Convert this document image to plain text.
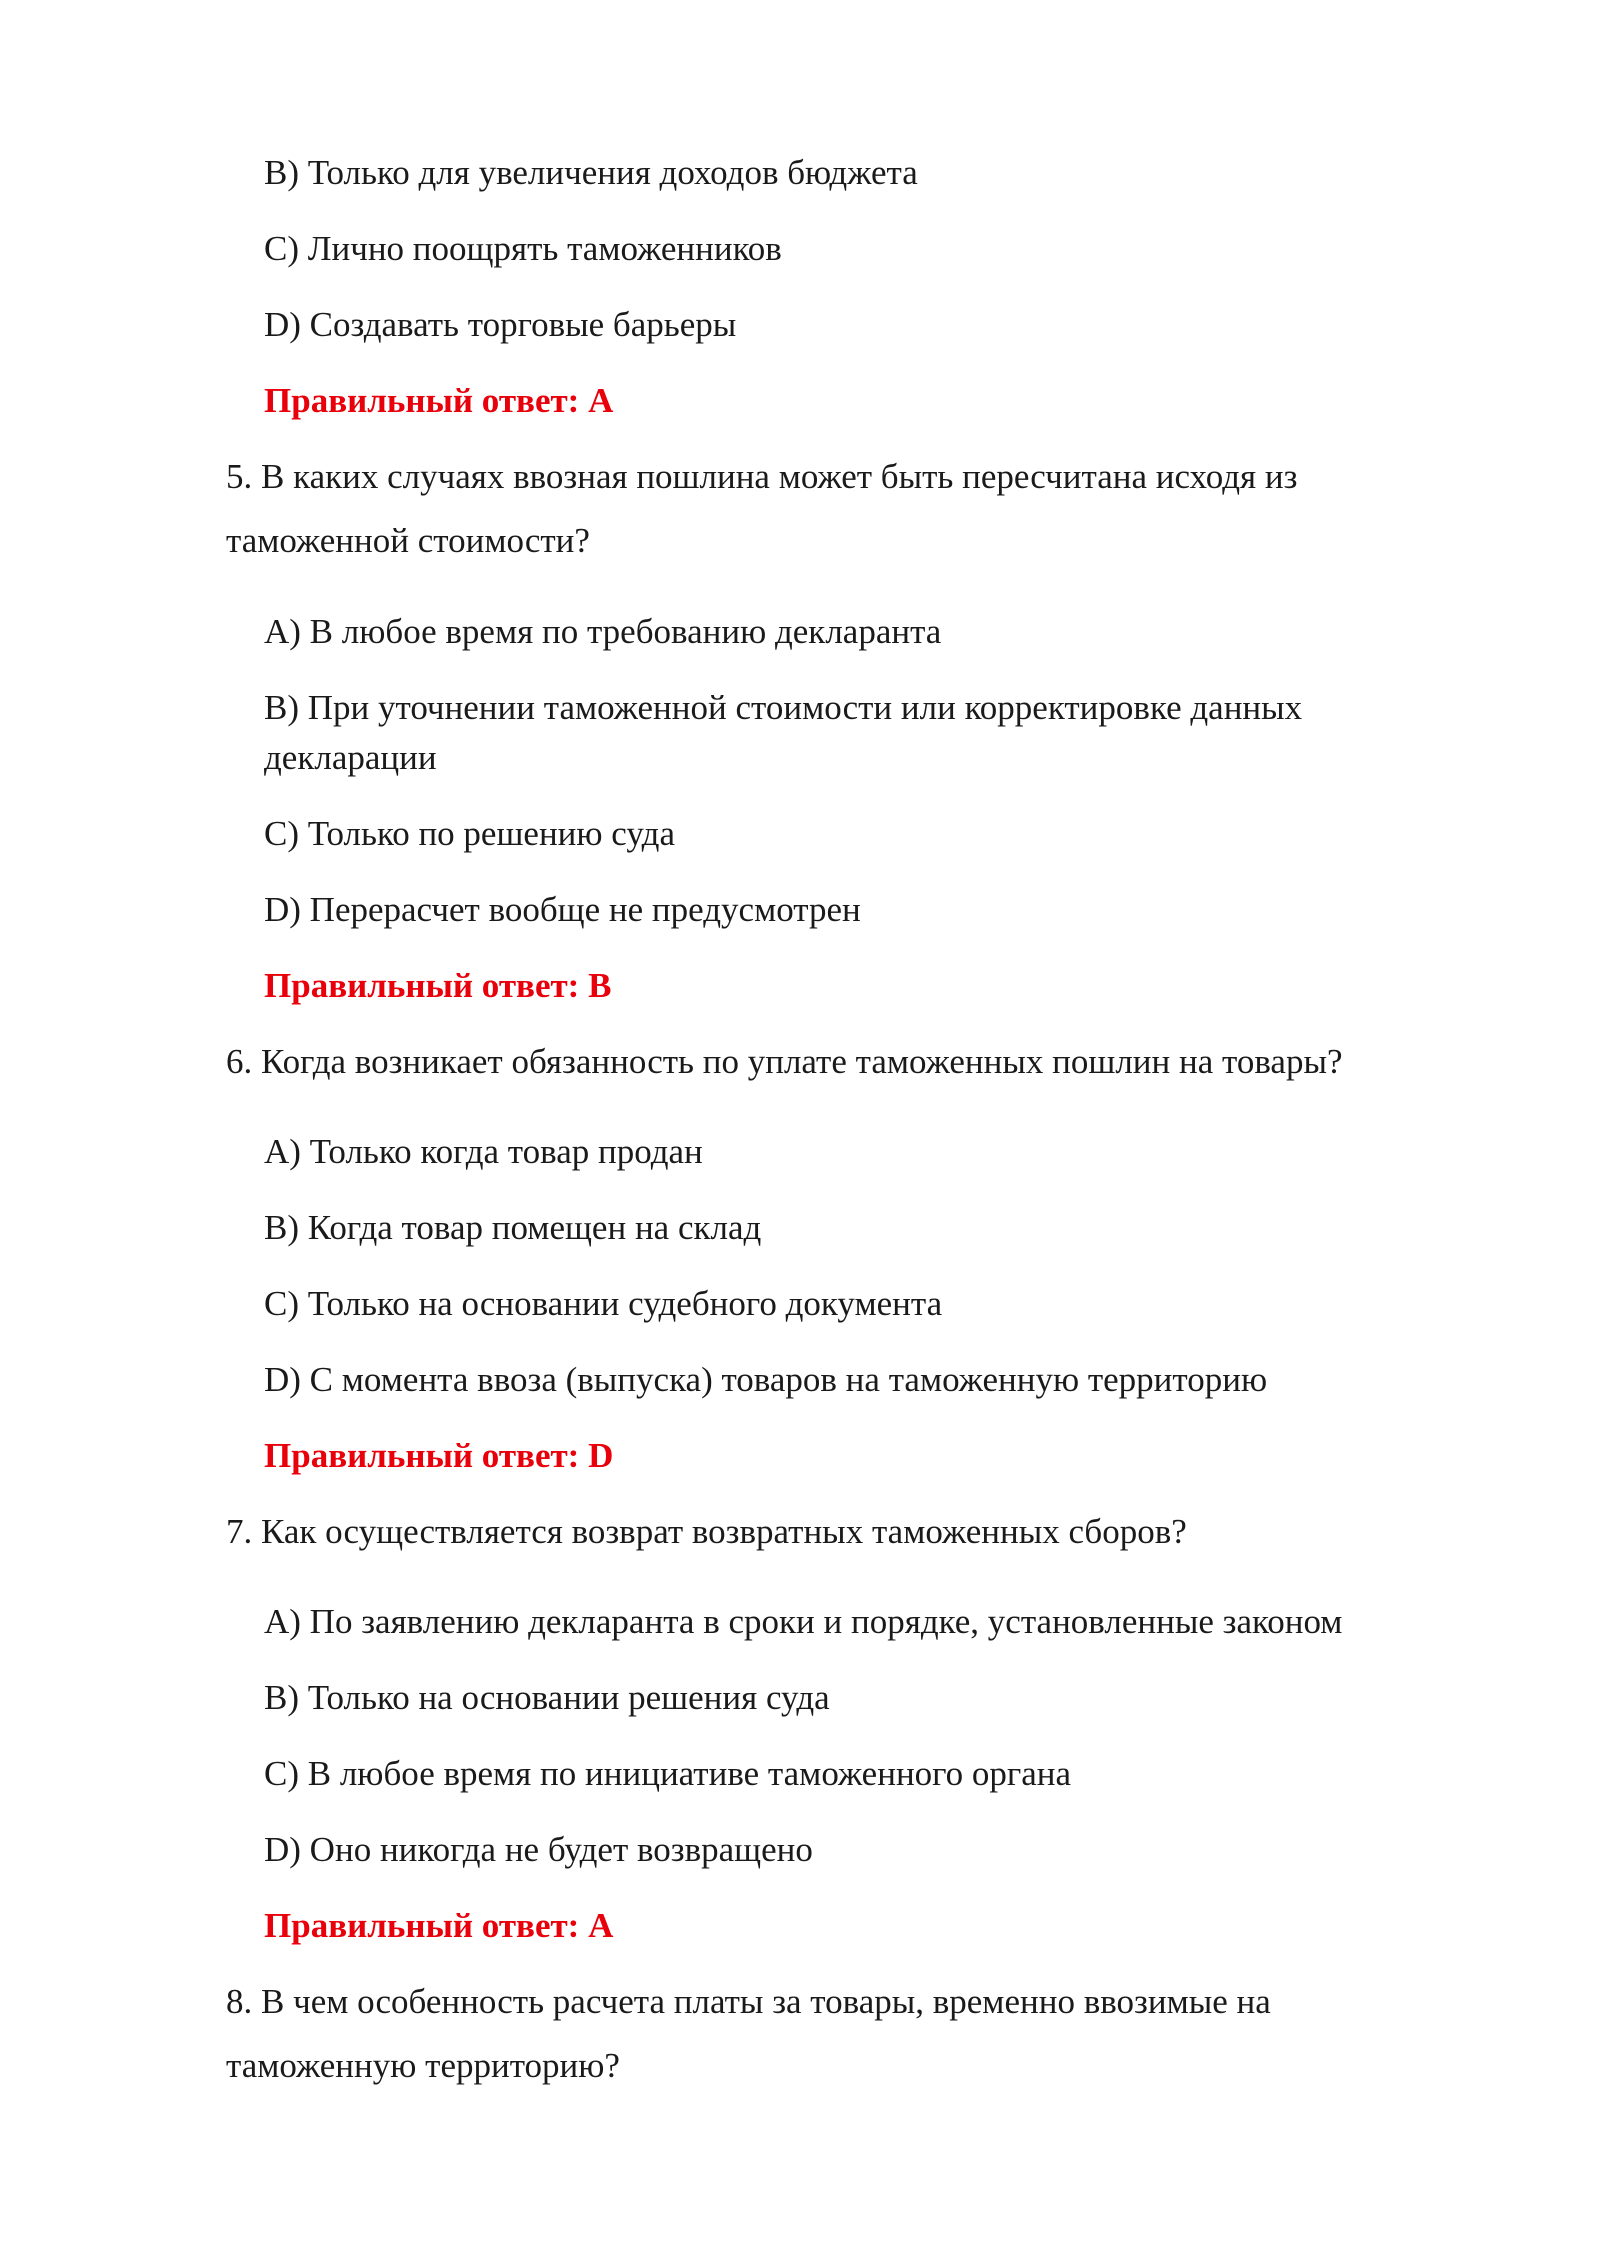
B) Только для увеличения доходов бюджета

C) Лично поощрять таможенников

D) Создавать торговые барьеры

Правильный ответ: A

5. В каких случаях ввозная пошлина может быть пересчитана исходя из

таможенной стоимости?

A) В любое время по требованию декларанта

B) При уточнении таможенной стоимости или корректировке данных

декларации

C) Только по решению суда

D) Перерасчет вообще не предусмотрен

Правильный ответ: B

6. Когда возникает обязанность по уплате таможенных пошлин на товары?

A) Только когда товар продан

B) Когда товар помещен на склад

C) Только на основании судебного документа

D) С момента ввоза (выпуска) товаров на таможенную территорию

Правильный ответ: D

7. Как осуществляется возврат возвратных таможенных сборов?

A) По заявлению декларанта в сроки и порядке, установленные законом

B) Только на основании решения суда

C) В любое время по инициативе таможенного органа

D) Оно никогда не будет возвращено

Правильный ответ: A

8. В чем особенность расчета платы за товары, временно ввозимые на

таможенную территорию?
